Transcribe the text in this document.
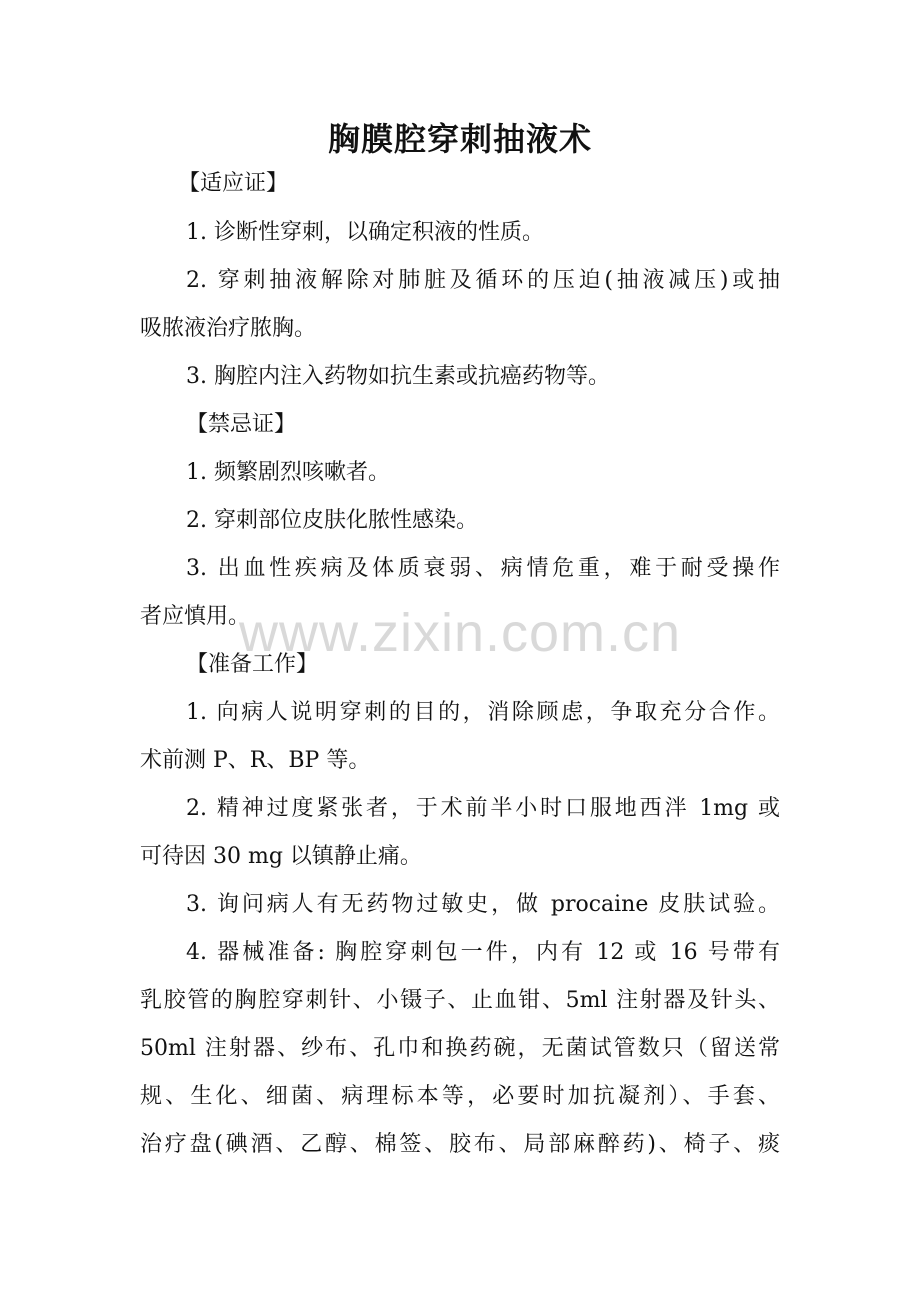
胸膜腔穿刺抽液术
【适应证】
1. 诊断性穿刺，以确定积液的性质。
2. 穿刺抽液解除对肺脏及循环的压迫(抽液减压)或抽
吸脓液治疗脓胸。
3. 胸腔内注入药物如抗生素或抗癌药物等。
【禁忌证】
1. 频繁剧烈咳嗽者。
2. 穿刺部位皮肤化脓性感染。
3. 出血性疾病及体质衰弱、病情危重，难于耐受操作
者应慎用。
【准备工作】
1. 向病人说明穿刺的目的，消除顾虑，争取充分合作。
术前测 P、R、BP 等。
2. 精神过度紧张者，于术前半小时口服地西泮 1mg 或
可待因 30 mg 以镇静止痛。
3. 询问病人有无药物过敏史，做 procaine 皮肤试验。
4. 器械准备: 胸腔穿刺包一件，内有 12 或 16 号带有
乳胶管的胸腔穿刺针、小镊子、止血钳、5ml 注射器及针头、
50ml 注射器、纱布、孔巾和换药碗，无菌试管数只（留送常
规、生化、细菌、病理标本等，必要时加抗凝剂）、手套、
治疗盘(碘酒、乙醇、棉签、胶布、局部麻醉药)、椅子、痰
www.zixin.com.cn
